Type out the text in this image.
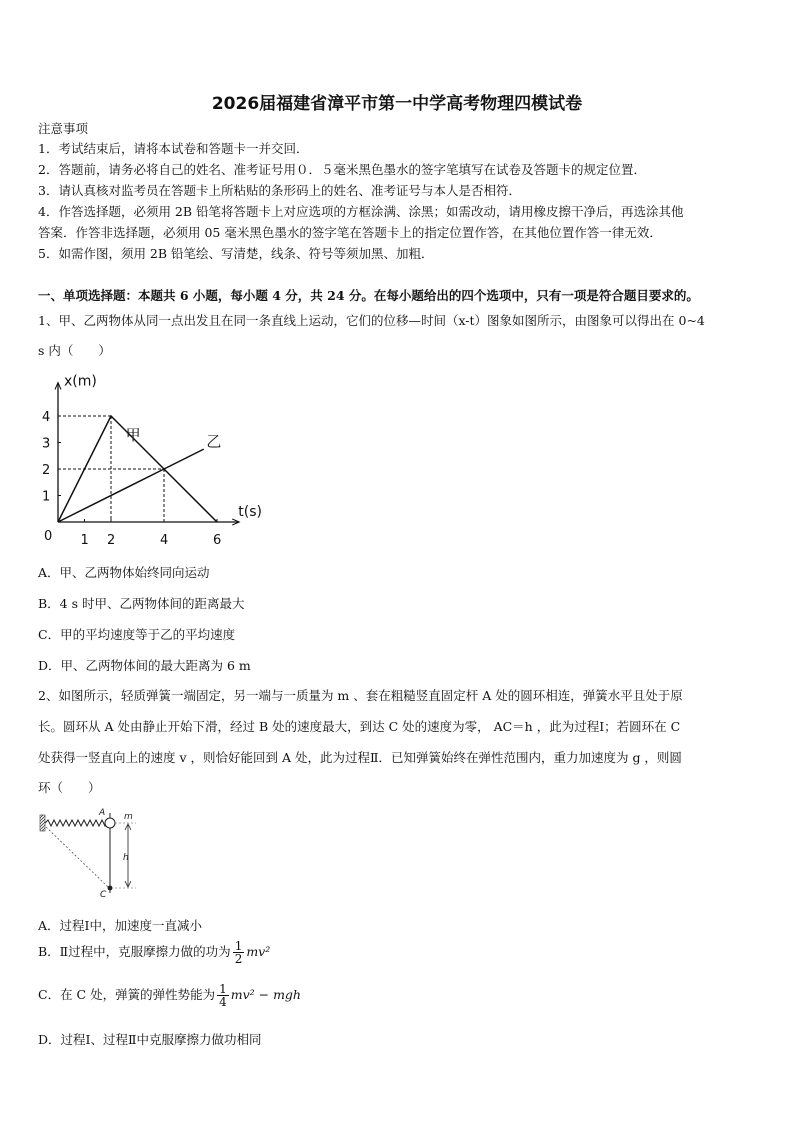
2026届福建省漳平市第一中学高考物理四模试卷
注意事项
1．考试结束后，请将本试卷和答题卡一并交回．
2．答题前，请务必将自己的姓名、准考证号用０．５毫米黑色墨水的签字笔填写在试卷及答题卡的规定位置．
3．请认真核对监考员在答题卡上所粘贴的条形码上的姓名、准考证号与本人是否相符．
4．作答选择题，必须用 2B 铅笔将答题卡上对应选项的方框涂满、涂黑；如需改动，请用橡皮擦干净后，再选涂其他
答案．作答非选择题，必须用 05 毫米黑色墨水的签字笔在答题卡上的指定位置作答，在其他位置作答一律无效．
5．如需作图，须用 2B 铅笔绘、写清楚，线条、符号等须加黑、加粗．
一、单项选择题：本题共 6 小题，每小题 4 分，共 24 分。在每小题给出的四个选项中，只有一项是符合题目要求的。
1、甲、乙两物体从同一点出发且在同一条直线上运动，它们的位移—时间（x-t）图象如图所示，由图象可以得出在 0~4
s 内（　　）
x(m)
t(s)
0 1 2	4	6
1
2
3
4
甲	乙
A．甲、乙两物体始终同向运动
B．4 s 时甲、乙两物体间的距离最大
C．甲的平均速度等于乙的平均速度
D．甲、乙两物体间的最大距离为 6 m
2、如图所示，轻质弹簧一端固定，另一端与一质量为 m 、套在粗糙竖直固定杆 A 处的圆环相连，弹簧水平且处于原
长。圆环从 A 处由静止开始下滑，经过 B 处的速度最大，到达 C 处的速度为零， AC＝h ，此为过程Ⅰ；若圆环在 C
处获得一竖直向上的速度 v ，则恰好能回到 A 处，此为过程Ⅱ．已知弹簧始终在弹性范围内，重力加速度为 g ，则圆
环（　　）
A m
h
C
A．过程Ⅰ中，加速度一直减小
B．Ⅱ过程中，克服摩擦力做的功为 $\frac{1}{2} mv^2$
C．在 C 处，弹簧的弹性势能为 $\frac{1}{4} mv^2$ − mgh
D．过程Ⅰ、过程Ⅱ中克服摩擦力做功相同
